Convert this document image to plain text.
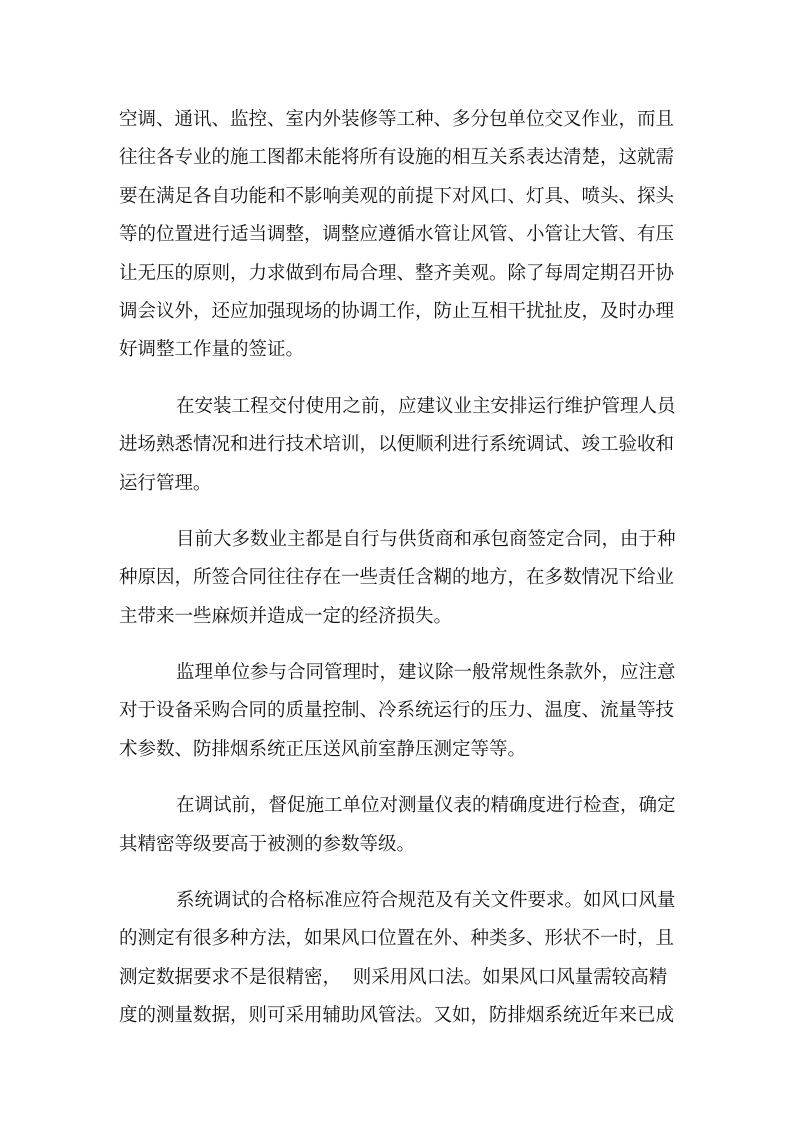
空调、通讯、监控、室内外装修等工种、多分包单位交叉作业，而且
往往各专业的施工图都未能将所有设施的相互关系表达清楚，这就需
要在满足各自功能和不影响美观的前提下对风口、灯具、喷头、探头
等的位置进行适当调整，调整应遵循水管让风管、小管让大管、有压
让无压的原则，力求做到布局合理、整齐美观。除了每周定期召开协
调会议外，还应加强现场的协调工作，防止互相干扰扯皮，及时办理
好调整工作量的签证。
在安装工程交付使用之前，应建议业主安排运行维护管理人员
进场熟悉情况和进行技术培训，以便顺利进行系统调试、竣工验收和
运行管理。
目前大多数业主都是自行与供货商和承包商签定合同，由于种
种原因，所签合同往往存在一些责任含糊的地方，在多数情况下给业
主带来一些麻烦并造成一定的经济损失。
监理单位参与合同管理时，建议除一般常规性条款外，应注意
对于设备采购合同的质量控制、冷系统运行的压力、温度、流量等技
术参数、防排烟系统正压送风前室静压测定等等。
在调试前，督促施工单位对测量仪表的精确度进行检查，确定
其精密等级要高于被测的参数等级。
系统调试的合格标准应符合规范及有关文件要求。如风口风量
的测定有很多种方法，如果风口位置在外、种类多、形状不一时，且
测定数据要求不是很精密，  则采用风口法。如果风口风量需较高精
度的测量数据，则可采用辅助风管法。又如，防排烟系统近年来已成
